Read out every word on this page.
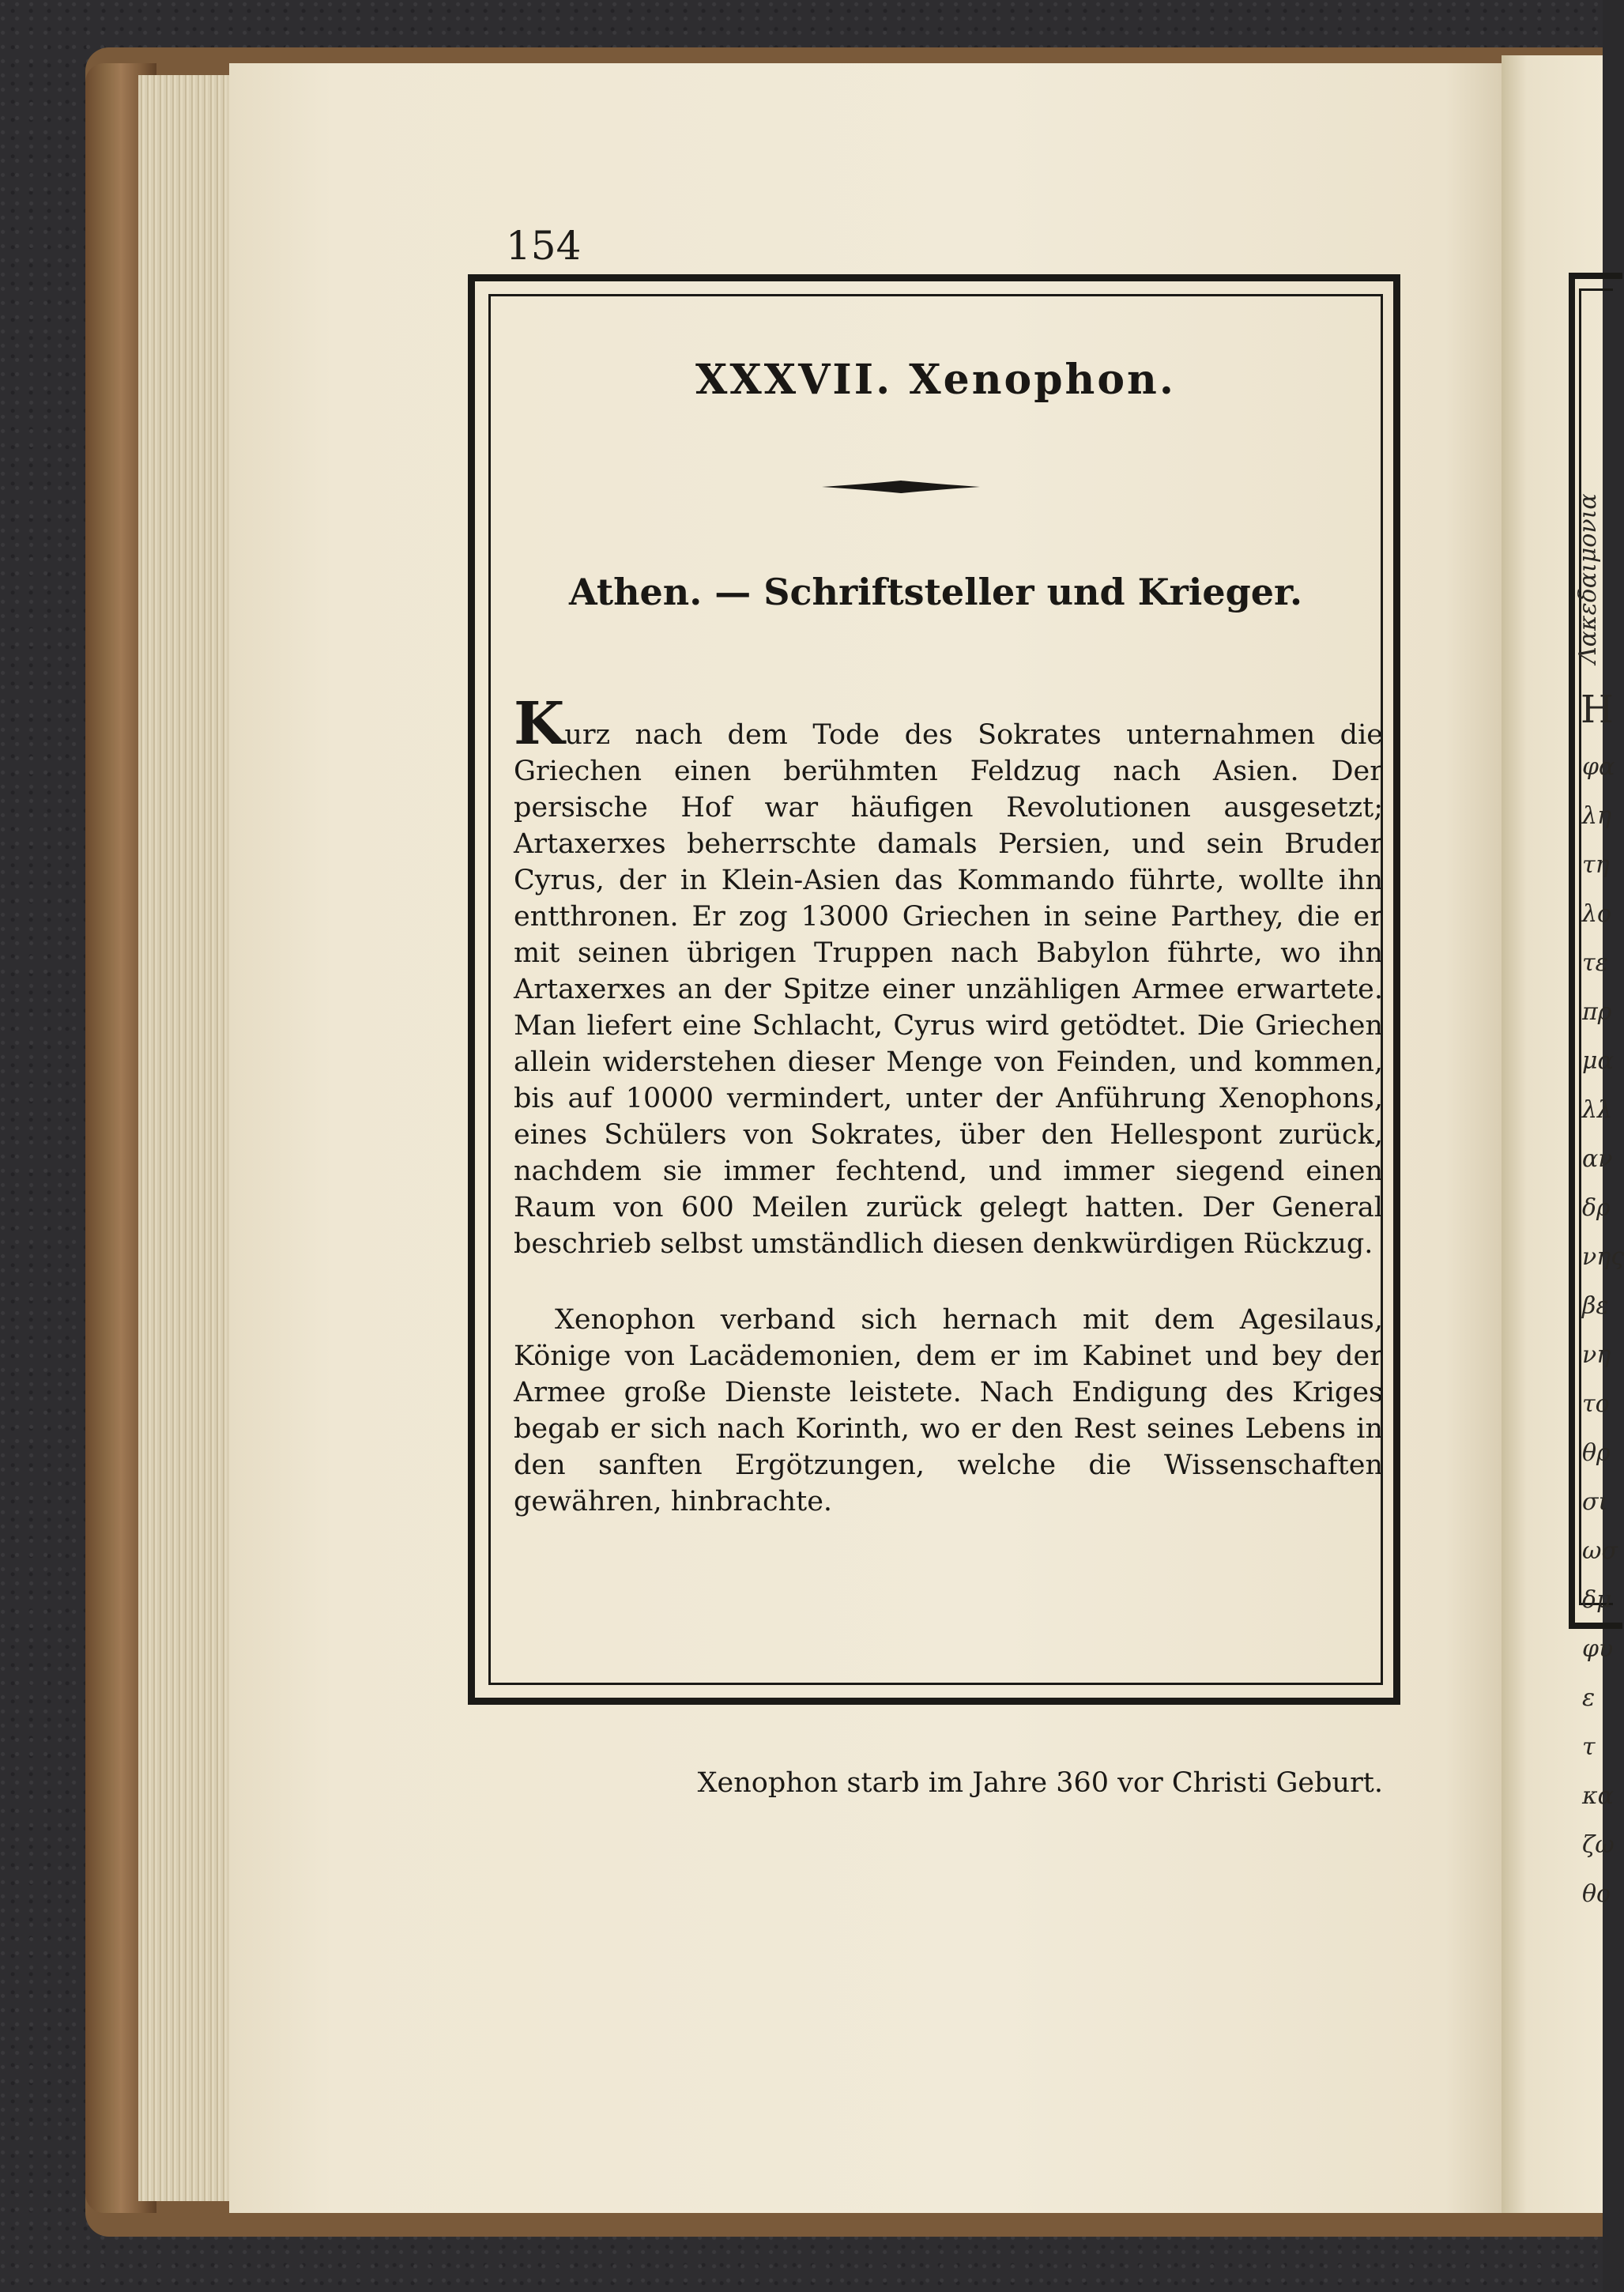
Λακεδαιμονια
Η
φα
λη
τη
λο
τε
πρ
μα
λλ
αν
δρ
νης
βε
νη
το
θρ
σι
ωσ
δμ
φυ
ε
τ
κα
ζω
θο
154
XXXVII. Xenophon.
Athen. — Schriftsteller und Krieger.

Kurz nach dem Tode des Sokrates unternahmen die Griechen einen berühmten Feldzug nach Asien. Der persische Hof war häufigen Revolutionen ausgesetzt; Artaxerxes beherrschte damals Persien, und sein Bruder Cyrus, der in Klein-Asien das Kommando führte, wollte ihn entthronen. Er zog 13000 Griechen in seine Parthey, die er mit seinen übrigen Truppen nach Babylon führte, wo ihn Artaxerxes an der Spitze einer unzähligen Armee erwartete. Man liefert eine Schlacht, Cyrus wird getödtet. Die Griechen allein widerstehen dieser Menge von Feinden, und kommen, bis auf 10000 vermindert, unter der Anführung Xenophons, eines Schülers von Sokrates, über den Hellespont zurück, nachdem sie immer fechtend, und immer siegend einen Raum von 600 Meilen zurück gelegt hatten. Der General beschrieb selbst umständlich diesen denkwürdigen Rückzug.

Xenophon verband sich hernach mit dem Agesilaus, Könige von Lacädemonien, dem er im Kabinet und bey der Armee große Dienste leistete. Nach Endigung des Kriges begab er sich nach Korinth, wo er den Rest seines Lebens in den sanften Ergötzungen, welche die Wissenschaften gewähren, hinbrachte.

Xenophon starb im Jahre 360 vor Christi Geburt.
